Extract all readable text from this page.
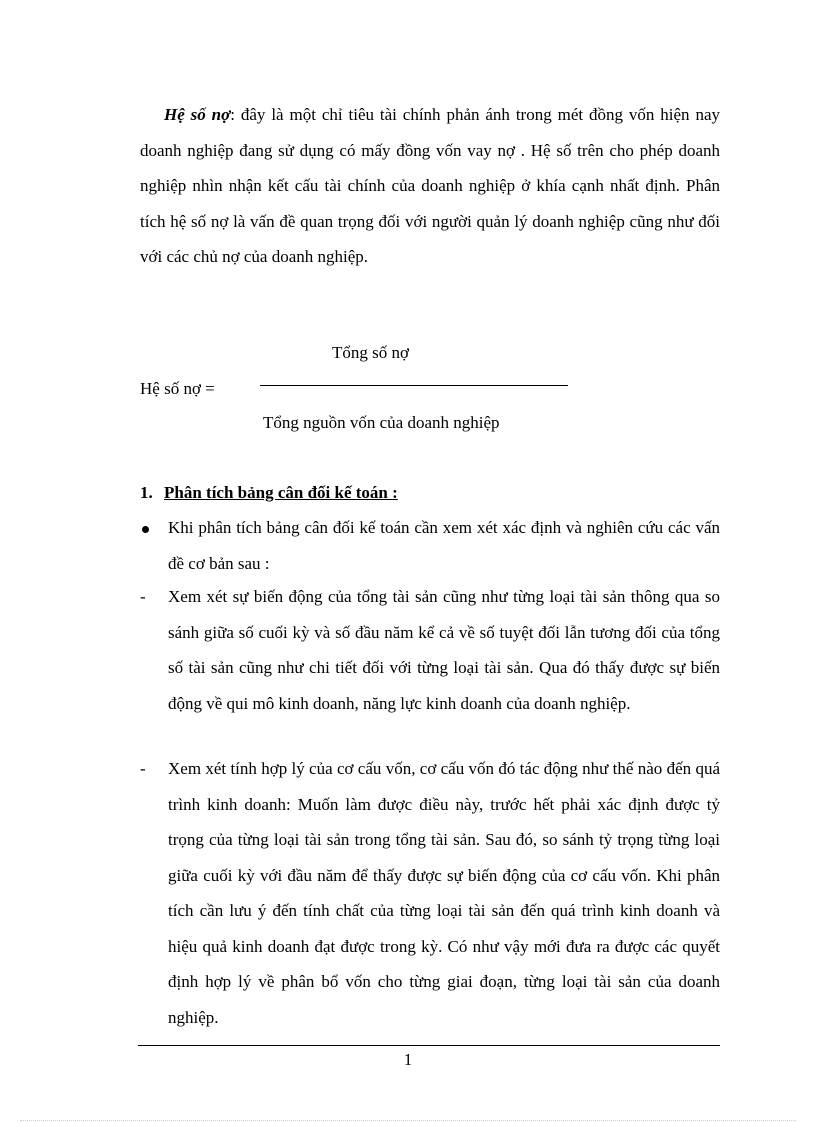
Hệ số nợ: đây là một chỉ tiêu tài chính phản ánh trong mét đồng vốn hiện nay doanh nghiệp đang sử dụng có mấy đồng vốn vay nợ . Hệ số trên cho phép doanh nghiệp nhìn nhận kết cấu tài chính của doanh nghiệp ở khía cạnh nhất định. Phân tích hệ số nợ là vấn đề quan trọng đối với người quản lý doanh nghiệp cũng như đối với các chủ nợ của doanh nghiệp.

Tổng số nợ
Hệ số nợ =
Tổng nguồn vốn của doanh nghiệp
1. Phân tích bảng cân đối kế toán :
Khi phân tích bảng cân đối kế toán cần xem xét xác định và nghiên cứu các vấn đề cơ bản sau :
-	Xem xét sự biến động của tổng tài sản cũng như từng loại tài sản thông qua so sánh giữa số cuối kỳ và số đầu năm kể cả về số tuyệt đối lẫn tương đối của tổng số tài sản cũng như chi tiết đối với từng loại tài sản. Qua đó thấy được sự biến động về qui mô kinh doanh, năng lực kinh doanh của doanh nghiệp.
-	Xem xét tính hợp lý của cơ cấu vốn, cơ cấu vốn đó tác động như thế nào đến quá trình kinh doanh: Muốn làm được điều này, trước hết phải xác định được tỷ trọng của từng loại tài sản trong tổng tài sản. Sau đó, so sánh tỷ trọng từng loại giữa cuối kỳ với đầu năm để thấy được sự biến động của cơ cấu vốn. Khi phân tích cần lưu ý đến tính chất của từng loại tài sản đến quá trình kinh doanh và hiệu quả kinh doanh đạt được trong kỳ. Có như vậy mới đưa ra được các quyết định hợp lý về phân bổ vốn cho từng giai đoạn, từng loại tài sản của doanh nghiệp.
1
